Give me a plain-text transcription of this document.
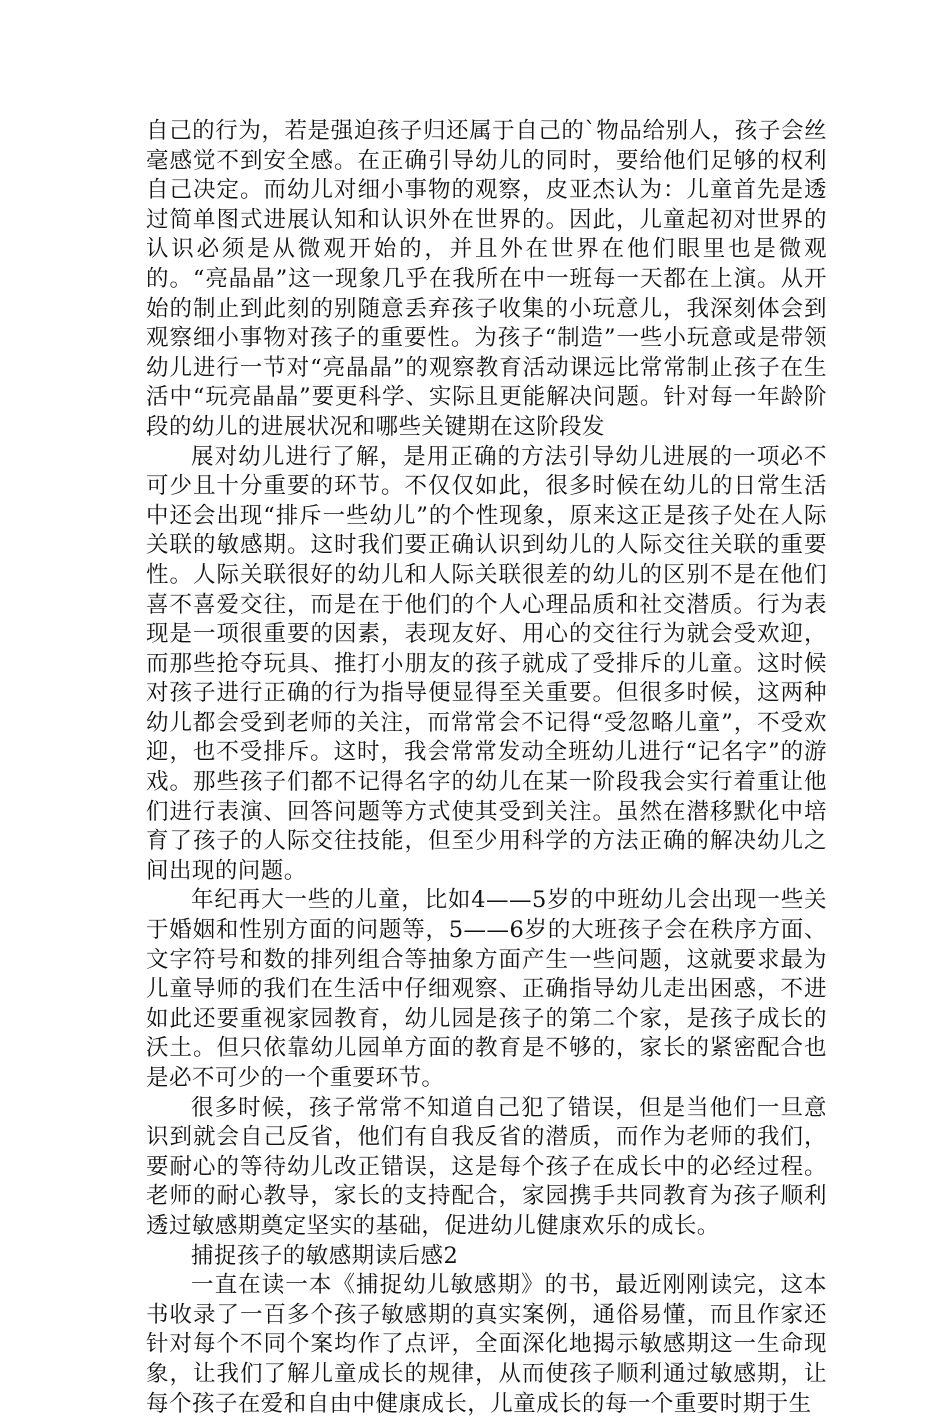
自己的行为，若是强迫孩子归还属于自己的`物品给别人，孩子会丝毫感觉不到安全感。在正确引导幼儿的同时，要给他们足够的权利自己决定。而幼儿对细小事物的观察，皮亚杰认为：儿童首先是透过简单图式进展认知和认识外在世界的。因此，儿童起初对世界的认识必须是从微观开始的，并且外在世界在他们眼里也是微观的。“亮晶晶”这一现象几乎在我所在中一班每一天都在上演。从开始的制止到此刻的别随意丢弃孩子收集的小玩意儿，我深刻体会到观察细小事物对孩子的重要性。为孩子“制造”一些小玩意或是带领幼儿进行一节对“亮晶晶”的观察教育活动课远比常常制止孩子在生活中“玩亮晶晶”要更科学、实际且更能解决问题。针对每一年龄阶段的幼儿的进展状况和哪些关键期在这阶段发

展对幼儿进行了解，是用正确的方法引导幼儿进展的一项必不可少且十分重要的环节。不仅仅如此，很多时候在幼儿的日常生活中还会出现“排斥一些幼儿”的个性现象，原来这正是孩子处在人际关联的敏感期。这时我们要正确认识到幼儿的人际交往关联的重要性。人际关联很好的幼儿和人际关联很差的幼儿的区别不是在他们喜不喜爱交往，而是在于他们的个人心理品质和社交潜质。行为表现是一项很重要的因素，表现友好、用心的交往行为就会受欢迎，而那些抢夺玩具、推打小朋友的孩子就成了受排斥的儿童。这时候对孩子进行正确的行为指导便显得至关重要。但很多时候，这两种幼儿都会受到老师的关注，而常常会不记得“受忽略儿童”，不受欢迎，也不受排斥。这时，我会常常发动全班幼儿进行“记名字”的游戏。那些孩子们都不记得名字的幼儿在某一阶段我会实行着重让他们进行表演、回答问题等方式使其受到关注。虽然在潜移默化中培育了孩子的人际交往技能，但至少用科学的方法正确的解决幼儿之间出现的问题。

年纪再大一些的儿童，比如4——5岁的中班幼儿会出现一些关于婚姻和性别方面的问题等，5——6岁的大班孩子会在秩序方面、文字符号和数的排列组合等抽象方面产生一些问题，这就要求最为儿童导师的我们在生活中仔细观察、正确指导幼儿走出困惑，不进如此还要重视家园教育，幼儿园是孩子的第二个家，是孩子成长的沃土。但只依靠幼儿园单方面的教育是不够的，家长的紧密配合也是必不可少的一个重要环节。

很多时候，孩子常常不知道自己犯了错误，但是当他们一旦意识到就会自己反省，他们有自我反省的潜质，而作为老师的我们，要耐心的等待幼儿改正错误，这是每个孩子在成长中的必经过程。老师的耐心教导，家长的支持配合，家园携手共同教育为孩子顺利透过敏感期奠定坚实的基础，促进幼儿健康欢乐的成长。

捕捉孩子的敏感期读后感2

一直在读一本《捕捉幼儿敏感期》的书，最近刚刚读完，这本书收录了一百多个孩子敏感期的真实案例，通俗易懂，而且作家还针对每个不同个案均作了点评，全面深化地揭示敏感期这一生命现象，让我们了解儿童成长的规律，从而使孩子顺利通过敏感期，让每个孩子在爱和自由中健康成长，儿童成长的每一个重要时期于生
